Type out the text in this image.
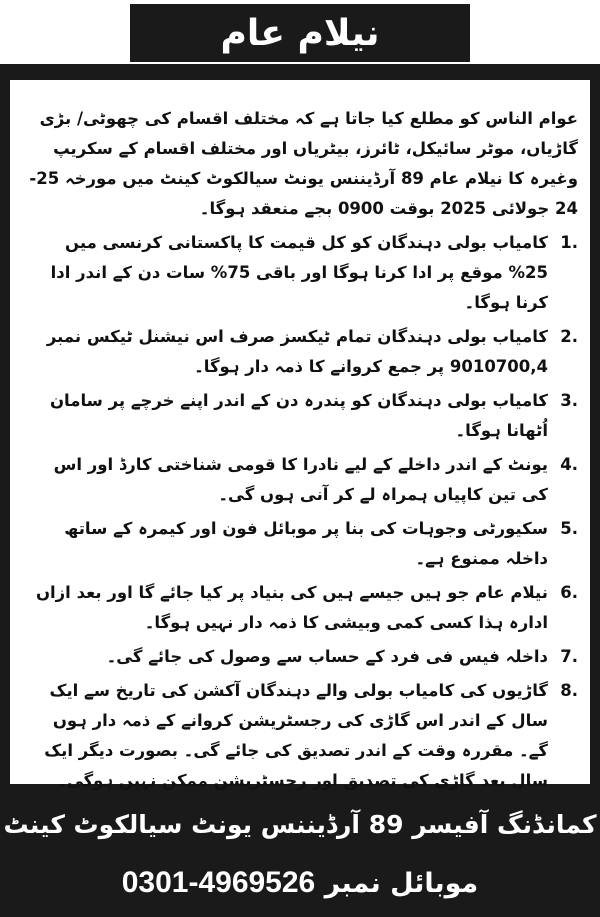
عوام الناس کو مطلع کیا جاتا ہے کہ مختلف اقسام کی چھوٹی/ بڑی گاڑیاں، موٹر سائیکل، ٹائرز، بیٹریاں اور مختلف اقسام کے سکریپ وغیرہ کا نیلام عام 89 آرڈیننس یونٹ سیالکوٹ کینٹ میں مورخہ 25-24 جولائی 2025 بوقت 0900 بجے منعقد ہوگا۔

1.
کامیاب بولی دہندگان کو کل قیمت کا پاکستانی کرنسی میں 25% موقع پر ادا کرنا ہوگا اور باقی 75% سات دن کے اندر ادا کرنا ہوگا۔
2.
کامیاب بولی دہندگان تمام ٹیکسز صرف اس نیشنل ٹیکس نمبر 9010700,4 پر جمع کروانے کا ذمہ دار ہوگا۔
3.
کامیاب بولی دہندگان کو پندرہ دن کے اندر اپنے خرچے پر سامان اُٹھانا ہوگا۔
4.
یونٹ کے اندر داخلے کے لیے نادرا کا قومی شناختی کارڈ اور اس کی تین کاپیاں ہمراہ لے کر آنی ہوں گی۔
5.
سکیورٹی وجوہات کی بنا پر موبائل فون اور کیمرہ کے ساتھ داخلہ ممنوع ہے۔
6.
نیلام عام جو ہیں جیسے ہیں کی بنیاد پر کیا جائے گا اور بعد ازاں ادارہ ہذا کسی کمی وبیشی کا ذمہ دار نہیں ہوگا۔
7.
داخلہ فیس فی فرد کے حساب سے وصول کی جائے گی۔
8.
گاڑیوں کی کامیاب بولی والے دہندگان آکشن کی تاریخ سے ایک سال کے اندر اس گاڑی کی رجسٹریشن کروانے کے ذمہ دار ہوں گے۔ مقررہ وقت کے اندر تصدیق کی جائے گی۔ بصورت دیگر ایک سال بعد گاڑی کی تصدیق اور رجسٹریشن ممکن نہیں ہوگی۔
نیلام عام
کمانڈنگ آفیسر 89 آرڈیننس یونٹ سیالکوٹ کینٹ
موبائل نمبر 0301-4969526
